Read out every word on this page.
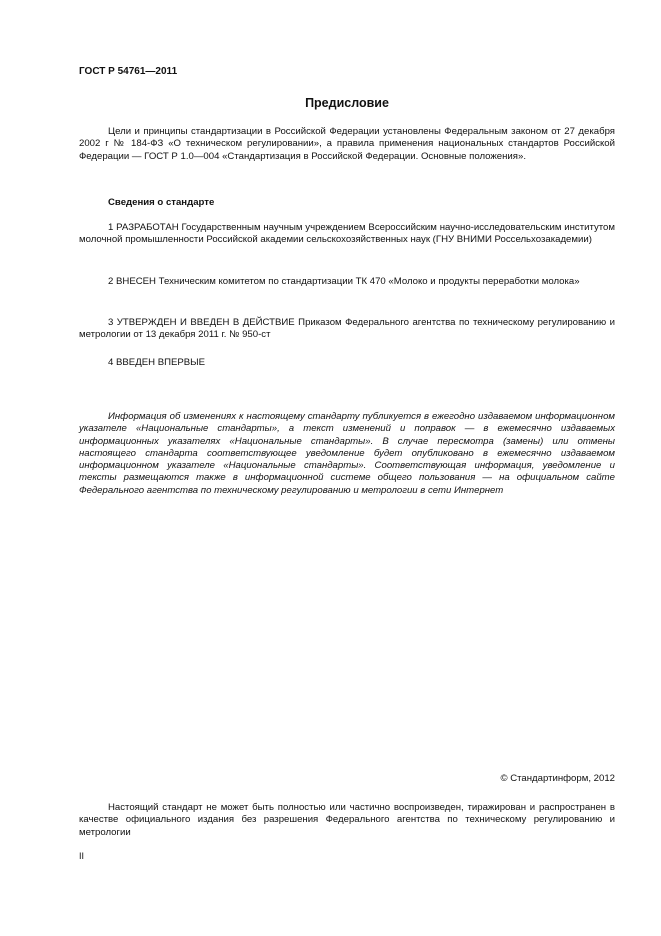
ГОСТ Р 54761—2011

Предисловие

Цели и принципы стандартизации в Российской Федерации установлены Федеральным законом от 27 декабря 2002 г № 184-ФЗ «О техническом регулировании», а правила применения национальных стандартов Российской Федерации — ГОСТ Р 1.0—004 «Стандартизация в Российской Федерации. Основные положения».

Сведения о стандарте

1 РАЗРАБОТАН Государственным научным учреждением Всероссийским научно-исследовательским институтом молочной промышленности Российской академии сельскохозяйственных наук (ГНУ ВНИМИ Россельхозакадемии)

2 ВНЕСЕН Техническим комитетом по стандартизации ТК 470 «Молоко и продукты переработки молока»

3 УТВЕРЖДЕН И ВВЕДЕН В ДЕЙСТВИЕ Приказом Федерального агентства по техническому регулированию и метрологии от 13 декабря 2011 г. № 950-ст

4 ВВЕДЕН ВПЕРВЫЕ

Информация об изменениях к настоящему стандарту публикуется в ежегодно издаваемом информационном указателе «Национальные стандарты», а текст изменений и поправок — в ежемесячно издаваемых информационных указателях «Национальные стандарты». В случае пересмотра (замены) или отмены настоящего стандарта соответствующее уведомление будет опубликовано в ежемесячно издаваемом информационном указателе «Национальные стандарты». Соответствующая информация, уведомление и тексты размещаются также в информационной системе общего пользования — на официальном сайте Федерального агентства по техническому регулированию и метрологии в сети Интернет

© Стандартинформ, 2012

Настоящий стандарт не может быть полностью или частично воспроизведен, тиражирован и распространен в качестве официального издания без разрешения Федерального агентства по техническому регулированию и метрологии

II
